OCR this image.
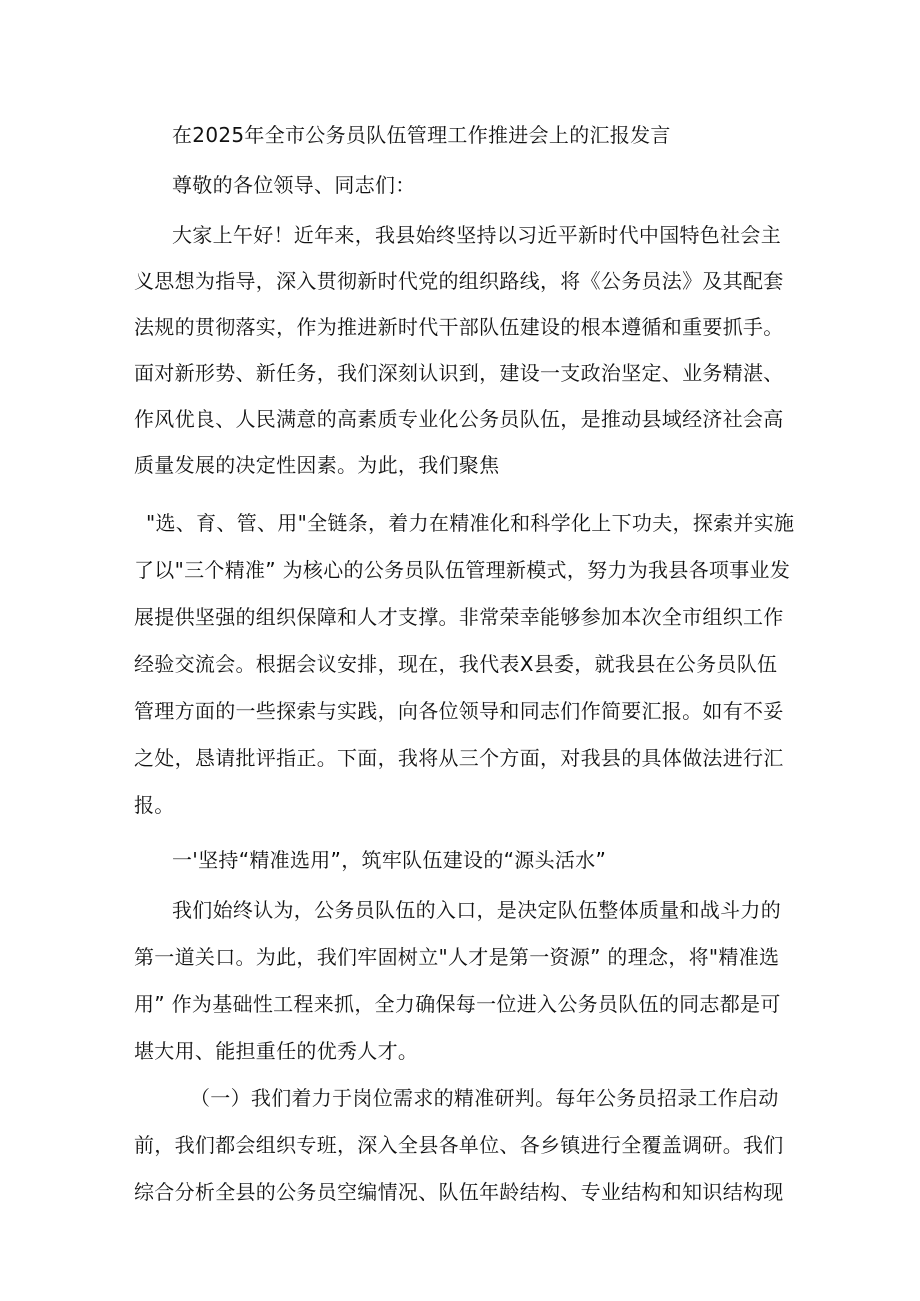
在2025年全市公务员队伍管理工作推进会上的汇报发言
尊敬的各位领导、同志们：
大家上午好！近年来，我县始终坚持以习近平新时代中国特色社会主
义思想为指导，深入贯彻新时代党的组织路线，将《公务员法》及其配套
法规的贯彻落实，作为推进新时代干部队伍建设的根本遵循和重要抓手。
面对新形势、新任务，我们深刻认识到，建设一支政治坚定、业务精湛、
作风优良、人民满意的高素质专业化公务员队伍，是推动县域经济社会高
质量发展的决定性因素。为此，我们聚焦
"选、育、管、用"全链条，着力在精准化和科学化上下功夫，探索并实施
了以"三个精准” 为核心的公务员队伍管理新模式，努力为我县各项事业发
展提供坚强的组织保障和人才支撑。非常荣幸能够参加本次全市组织工作
经验交流会。根据会议安排，现在，我代表X县委，就我县在公务员队伍
管理方面的一些探索与实践，向各位领导和同志们作简要汇报。如有不妥
之处，恳请批评指正。下面，我将从三个方面，对我县的具体做法进行汇
报。
一'坚持“精准选用”，筑牢队伍建设的“源头活水”
我们始终认为，公务员队伍的入口，是决定队伍整体质量和战斗力的
第一道关口。为此，我们牢固树立"人才是第一资源” 的理念，将"精准选
用” 作为基础性工程来抓，全力确保每一位进入公务员队伍的同志都是可
堪大用、能担重任的优秀人才。
（一）我们着力于岗位需求的精准研判。每年公务员招录工作启动
前，我们都会组织专班，深入全县各单位、各乡镇进行全覆盖调研。我们
综合分析全县的公务员空编情况、队伍年龄结构、专业结构和知识结构现
